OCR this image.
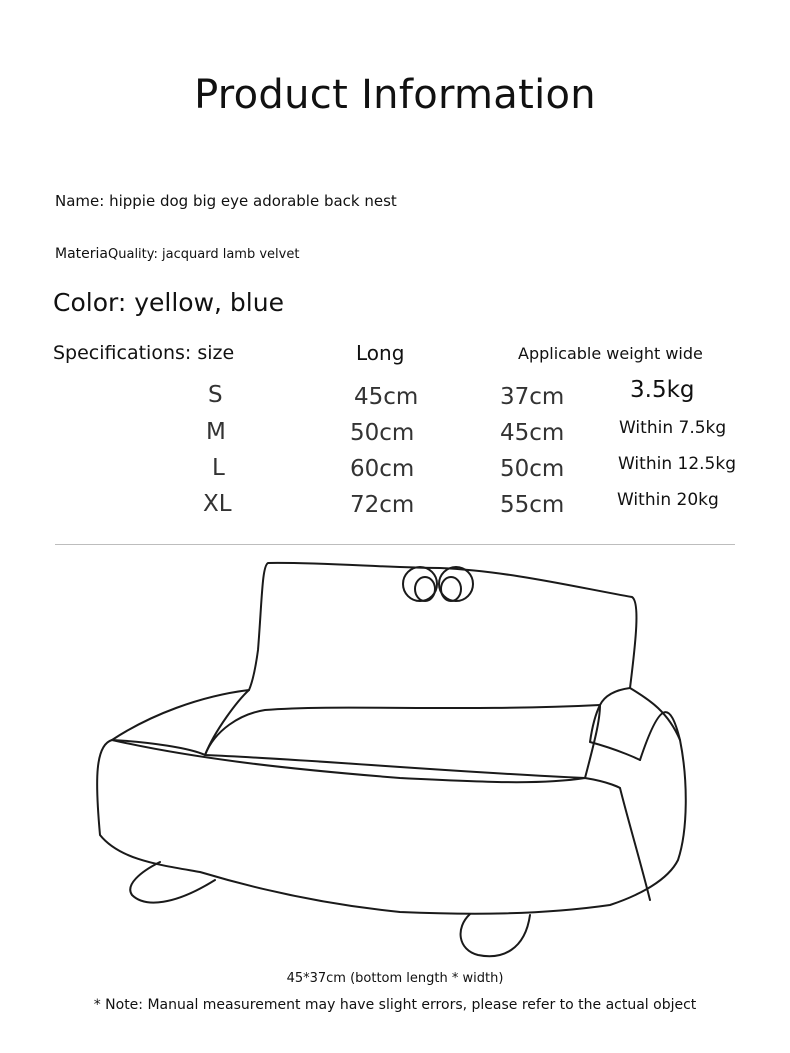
Product Information
Name: hippie dog big eye adorable back nest
MateriaQuality: jacquard lamb velvet
Color: yellow, blue
Specifications: size	Long	Applicable weight wide
S	45cm	37cm	3.5kg
M	50cm	45cm	Within 7.5kg
L	60cm	50cm	Within 12.5kg
XL	72cm	55cm	Within 20kg
45*37cm (bottom length * width)
* Note: Manual measurement may have slight errors, please refer to the actual object
